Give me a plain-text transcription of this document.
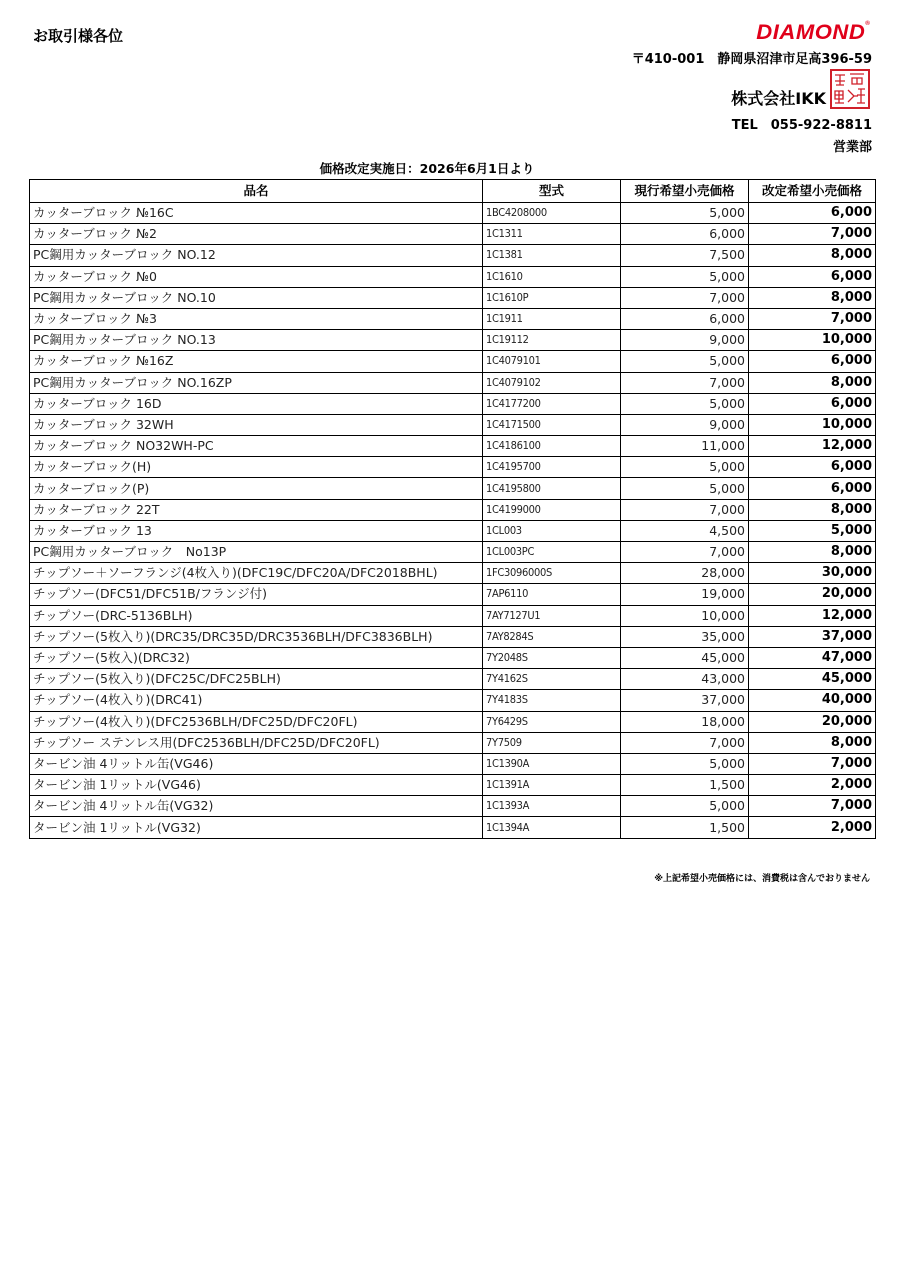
お取引様各位	DIAMOND®
〒410-001　静岡県沼津市足高396-59
株式会社IKK
TEL　055-922-8811
営業部
価格改定実施日：2026年6月1日より
品名	型式	現行希望小売価格	改定希望小売価格
カッターブロック №16C	1BC4208000	5,000	6,000
カッターブロック №2	1C1311	6,000	7,000
PC鋼用カッターブロック NO.12	1C1381	7,500	8,000
カッターブロック №0	1C1610	5,000	6,000
PC鋼用カッターブロック NO.10	1C1610P	7,000	8,000
カッターブロック №3	1C1911	6,000	7,000
PC鋼用カッターブロック NO.13	1C19112	9,000	10,000
カッターブロック №16Z	1C4079101	5,000	6,000
PC鋼用カッターブロック NO.16ZP	1C4079102	7,000	8,000
カッターブロック 16D	1C4177200	5,000	6,000
カッターブロック 32WH	1C4171500	9,000	10,000
カッターブロック NO32WH-PC	1C4186100	11,000	12,000
カッターブロック(H)	1C4195700	5,000	6,000
カッターブロック(P)	1C4195800	5,000	6,000
カッターブロック 22T	1C4199000	7,000	8,000
カッターブロック 13	1CL003	4,500	5,000
PC鋼用カッターブロック　No13P	1CL003PC	7,000	8,000
チップソー＋ソーフランジ(4枚入り)(DFC19C/DFC20A/DFC2018BHL)	1FC3096000S	28,000	30,000
チップソー(DFC51/DFC51B/フランジ付)	7AP6110	19,000	20,000
チップソー(DRC-5136BLH)	7AY7127U1	10,000	12,000
チップソー(5枚入り)(DRC35/DRC35D/DRC3536BLH/DFC3836BLH)	7AY8284S	35,000	37,000
チップソー(5枚入)(DRC32)	7Y2048S	45,000	47,000
チップソー(5枚入り)(DFC25C/DFC25BLH)	7Y4162S	43,000	45,000
チップソー(4枚入り)(DRC41)	7Y4183S	37,000	40,000
チップソー(4枚入り)(DFC2536BLH/DFC25D/DFC20FL)	7Y6429S	18,000	20,000
チップソー ステンレス用(DFC2536BLH/DFC25D/DFC20FL)	7Y7509	7,000	8,000
タービン油 4リットル缶(VG46)	1C1390A	5,000	7,000
タービン油 1リットル(VG46)	1C1391A	1,500	2,000
タービン油 4リットル缶(VG32)	1C1393A	5,000	7,000
タービン油 1リットル(VG32)	1C1394A	1,500	2,000
※上記希望小売価格には、消費税は含んでおりません
